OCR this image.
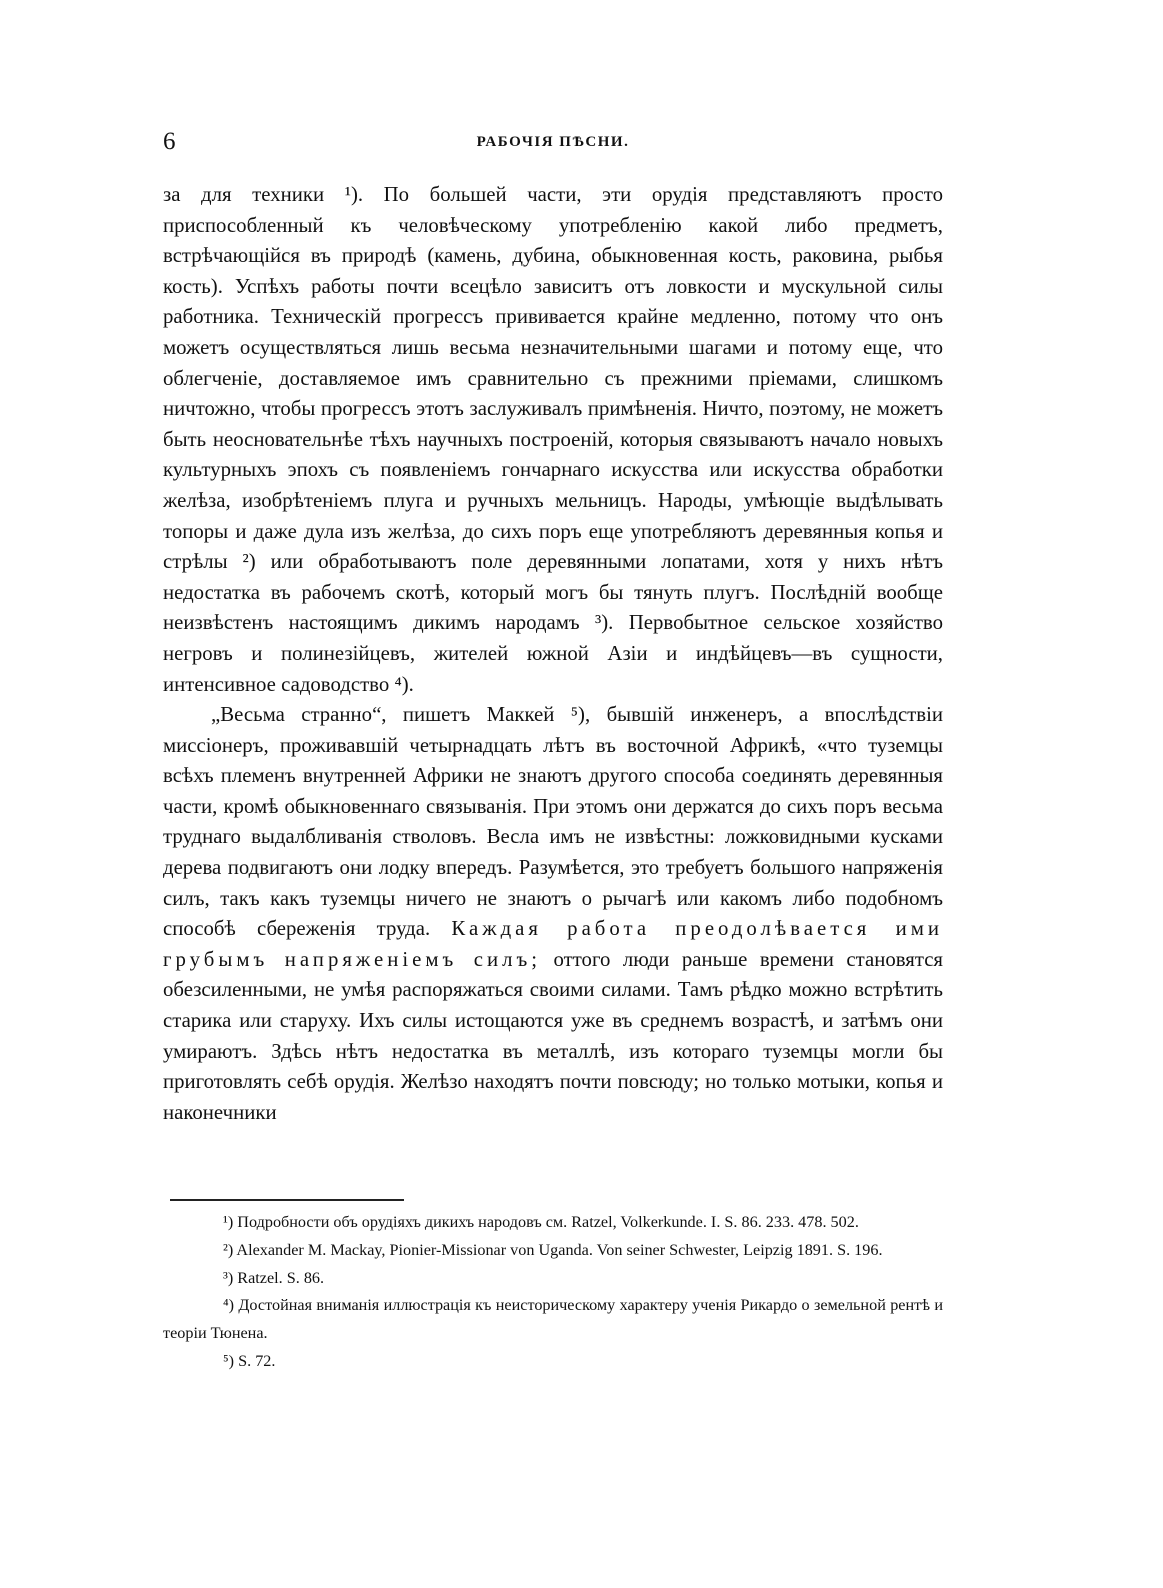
6	РАБОЧІЯ ПѢСНИ.

за для техники ¹). По большей части, эти орудія представляютъ просто приспособленный къ человѣческому употребленію какой либо предметъ, встрѣчающійся въ природѣ (камень, дубина, обыкновенная кость, раковина, рыбья кость). Успѣхъ работы почти всецѣло зависитъ отъ ловкости и мускульной силы работника. Техническій прогрессъ прививается крайне медленно, потому что онъ можетъ осуществляться лишь весьма незначительными шагами и потому еще, что облегченіе, доставляемое имъ сравнительно съ прежними пріемами, слишкомъ ничтожно, чтобы прогрессъ этотъ заслуживалъ примѣненія. Ничто, поэтому, не можетъ быть неосновательнѣе тѣхъ научныхъ построеній, которыя связываютъ начало новыхъ культурныхъ эпохъ съ появленіемъ гончарнаго искусства или искусства обработки желѣза, изобрѣтеніемъ плуга и ручныхъ мельницъ. Народы, умѣющіе выдѣлывать топоры и даже дула изъ желѣза, до сихъ поръ еще употребляютъ деревянныя копья и стрѣлы ²) или обработываютъ поле деревянными лопатами, хотя у нихъ нѣтъ недостатка въ рабочемъ скотѣ, который могъ бы тянуть плугъ. Послѣдній вообще неизвѣстенъ настоящимъ дикимъ народамъ ³). Первобытное сельское хозяйство негровъ и полинезійцевъ, жителей южной Азіи и индѣйцевъ—въ сущности, интенсивное садоводство ⁴).

„Весьма странно“, пишетъ Маккей ⁵), бывшій инженеръ, а впослѣдствіи миссіонеръ, проживавшій четырнадцать лѣтъ въ восточной Африкѣ, «что туземцы всѣхъ племенъ внутренней Африки не знаютъ другого способа соединять деревянныя части, кромѣ обыкновеннаго связыванія. При этомъ они держатся до сихъ поръ весьма труднаго выдалбливанія стволовъ. Весла имъ не извѣстны: ложковидными кусками дерева подвигаютъ они лодку впередъ. Разумѣется, это требуетъ большого напряженія силъ, такъ какъ туземцы ничего не знаютъ о рычагѣ или какомъ либо подобномъ способѣ сбереженія труда. Каждая работа преодолѣвается ими грубымъ напряженіемъ силъ; оттого люди раньше времени становятся обезсиленными, не умѣя распоряжаться своими силами. Тамъ рѣдко можно встрѣтить старика или старуху. Ихъ силы истощаются уже въ среднемъ возрастѣ, и затѣмъ они умираютъ. Здѣсь нѣтъ недостатка въ металлѣ, изъ котораго туземцы могли бы приготовлять себѣ орудія. Желѣзо находятъ почти повсюду; но только мотыки, копья и наконечники

¹) Подробности объ орудіяхъ дикихъ народовъ см. Ratzel, Volkerkunde. I. S. 86. 233. 478. 502.

²) Alexander M. Mackay, Pionier-Missionar von Uganda. Von seiner Schwester, Leipzig 1891. S. 196.

³) Ratzel. S. 86.

⁴) Достойная вниманія иллюстрація къ неисторическому характеру ученія Рикардо о земельной рентѣ и теоріи Тюнена.

⁵) S. 72.
